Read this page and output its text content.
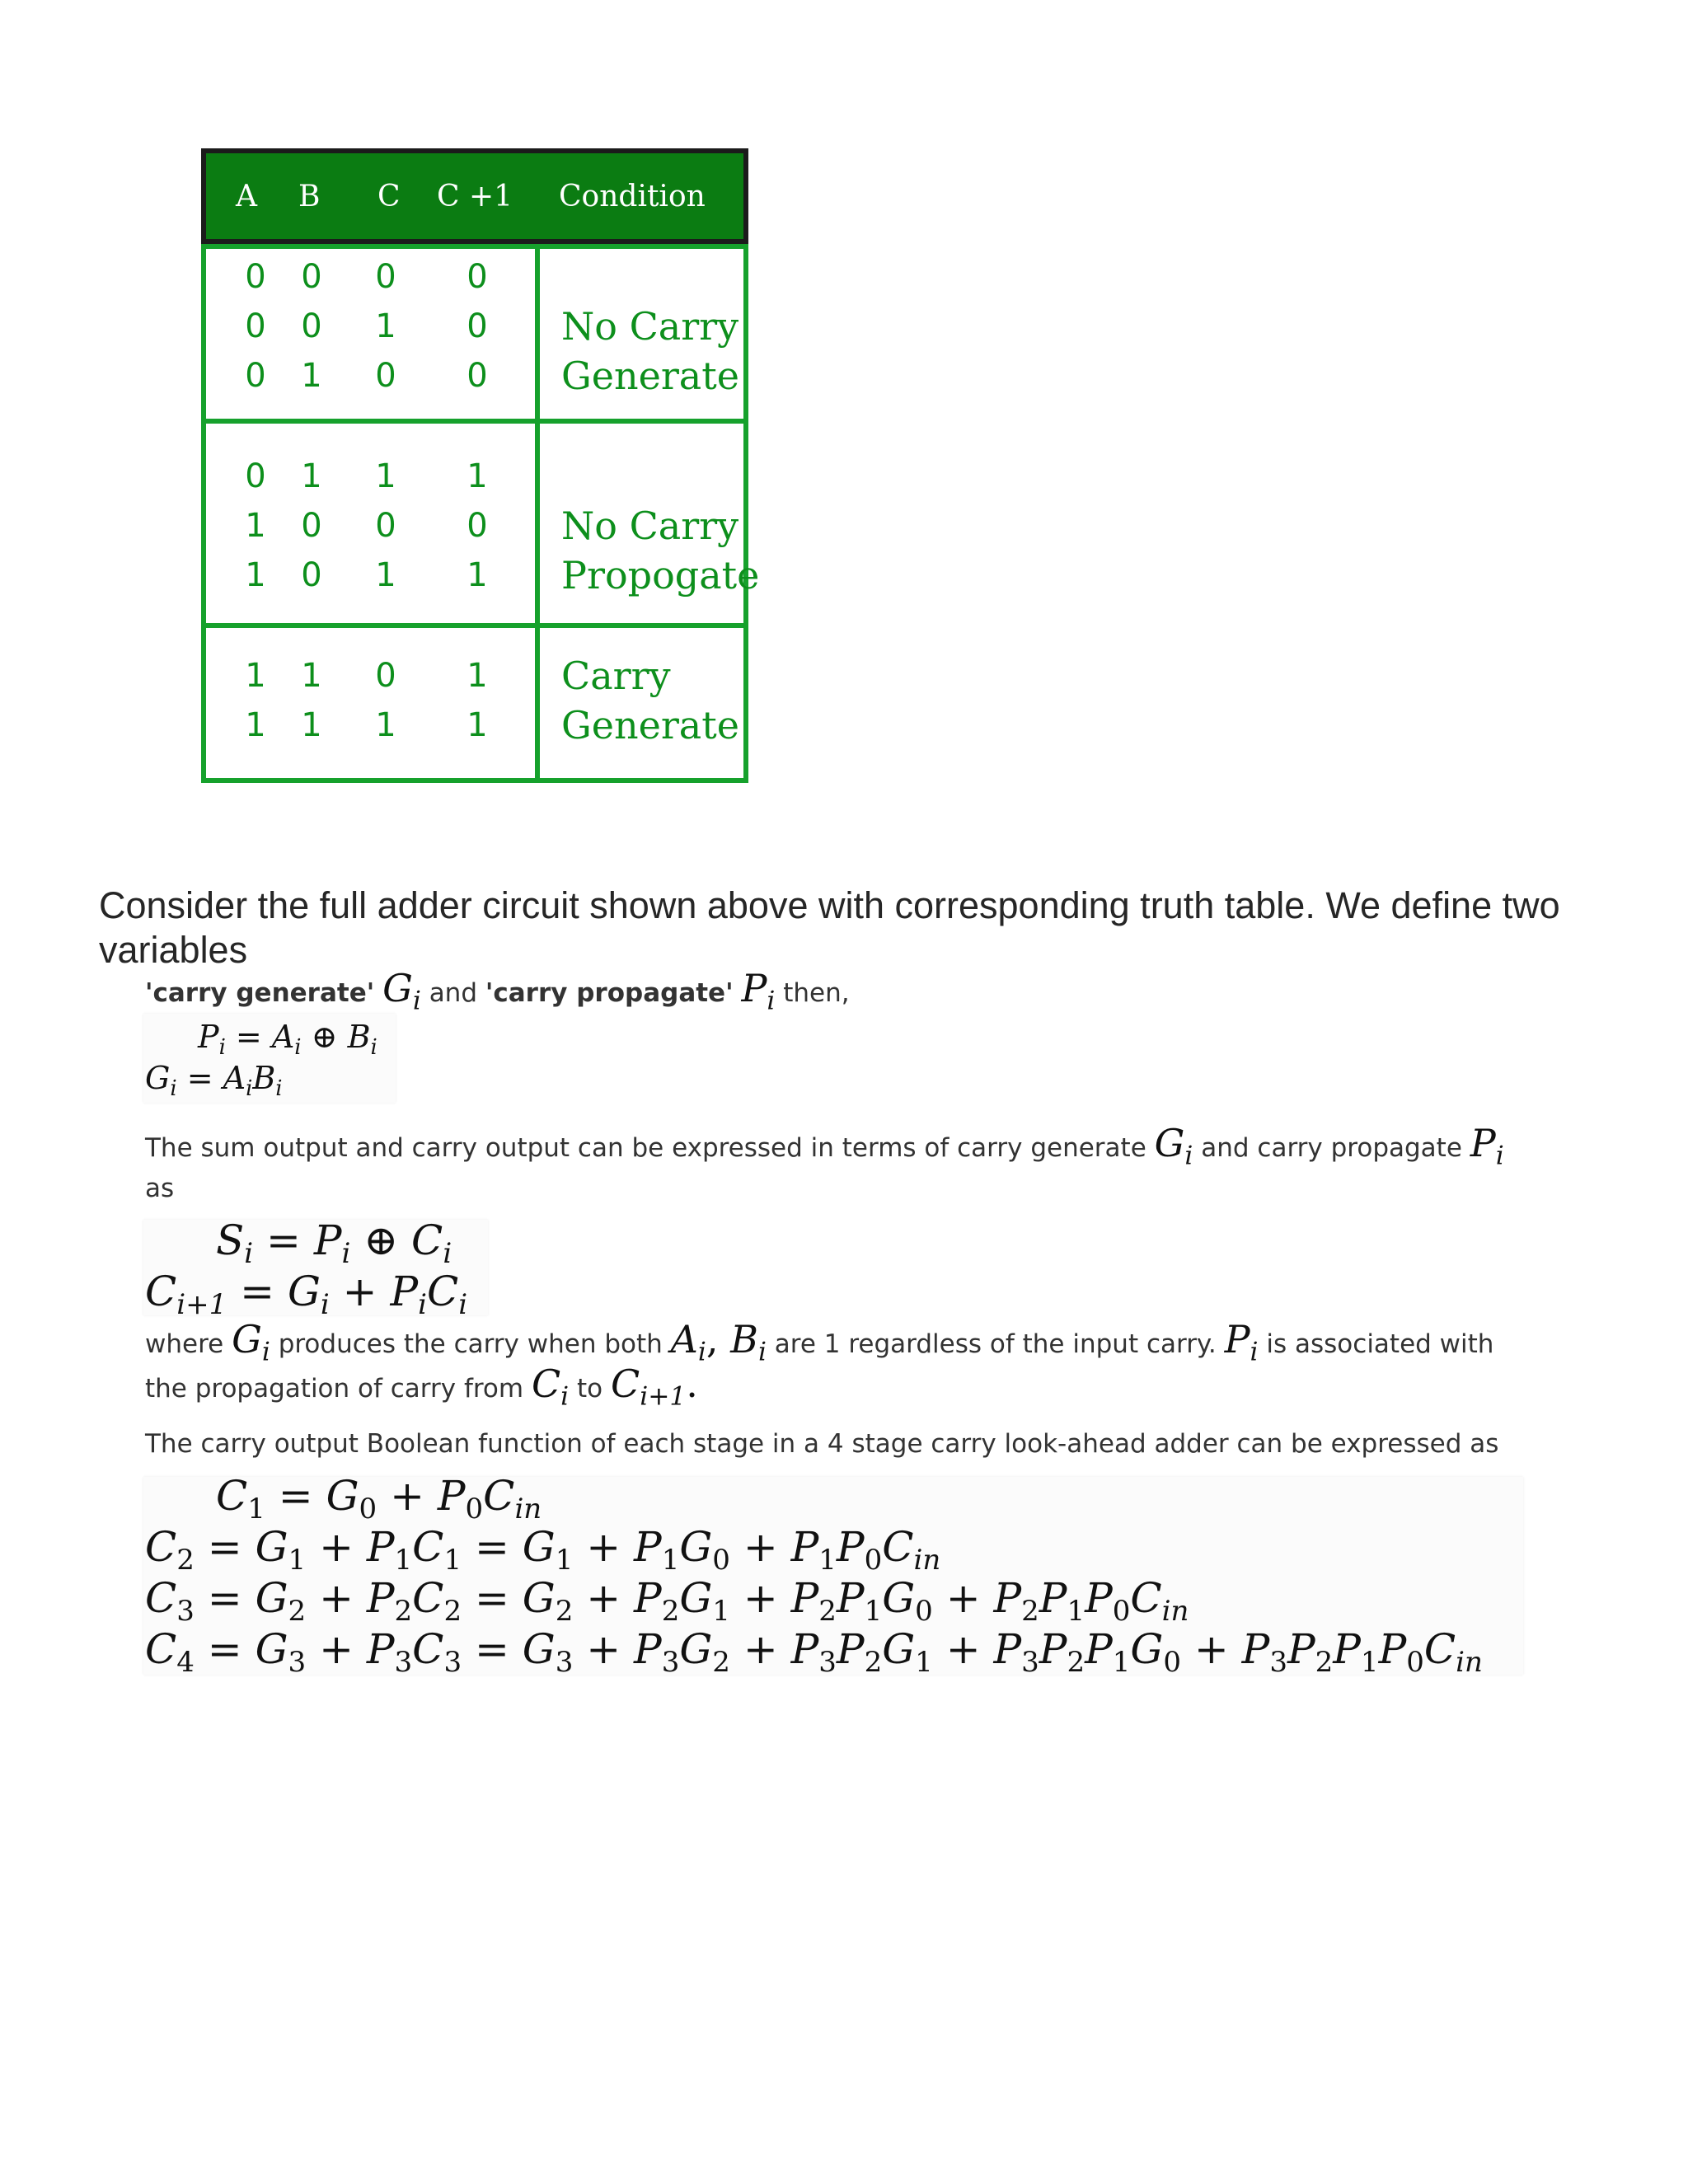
A B C C +1 Condition
0 0 0 0
0 0 1 0
0 1 0 0
No Carry
Generate
0 1 1 1
1 0 0 0
1 0 1 1
No Carry
Propogate
1 1 0 1
1 1 1 1
Carry
Generate
Consider the full adder circuit shown above with corresponding truth table. We define two variables
'carry generate' $G_i$ and 'carry propagate' $P_i$ then,
$P_i = A_i$ ⊕ $B_i$
$G_i = A_iB_i$
The sum output and carry output can be expressed in terms of carry generate $G_i$ and carry propagate $P_i$
as
$S_i = P_i$ ⊕ $C_i$
$C_{i+1} = G_i + P_iC_i$
where $G_i$ produces the carry when both $A_i$, $B_i$ are 1 regardless of the input carry. $P_i$ is associated with
the propagation of carry from $C_i$ to $C_{i+1}$.
The carry output Boolean function of each stage in a 4 stage carry look-ahead adder can be expressed as
$C_1 = G_0 + P_0C_{in}$
$C_2 = G_1 + P_1C_1 = G_1 + P_1G_0 + P_1P_0C_{in}$
$C_3 = G_2 + P_2C_2 = G_2 + P_2G_1 + P_2P_1G_0 + P_2P_1P_0C_{in}$
$C_4 = G_3 + P_3C_3 = G_3 + P_3G_2 + P_3P_2G_1 + P_3P_2P_1G_0 + P_3P_2P_1P_0C_{in}$
